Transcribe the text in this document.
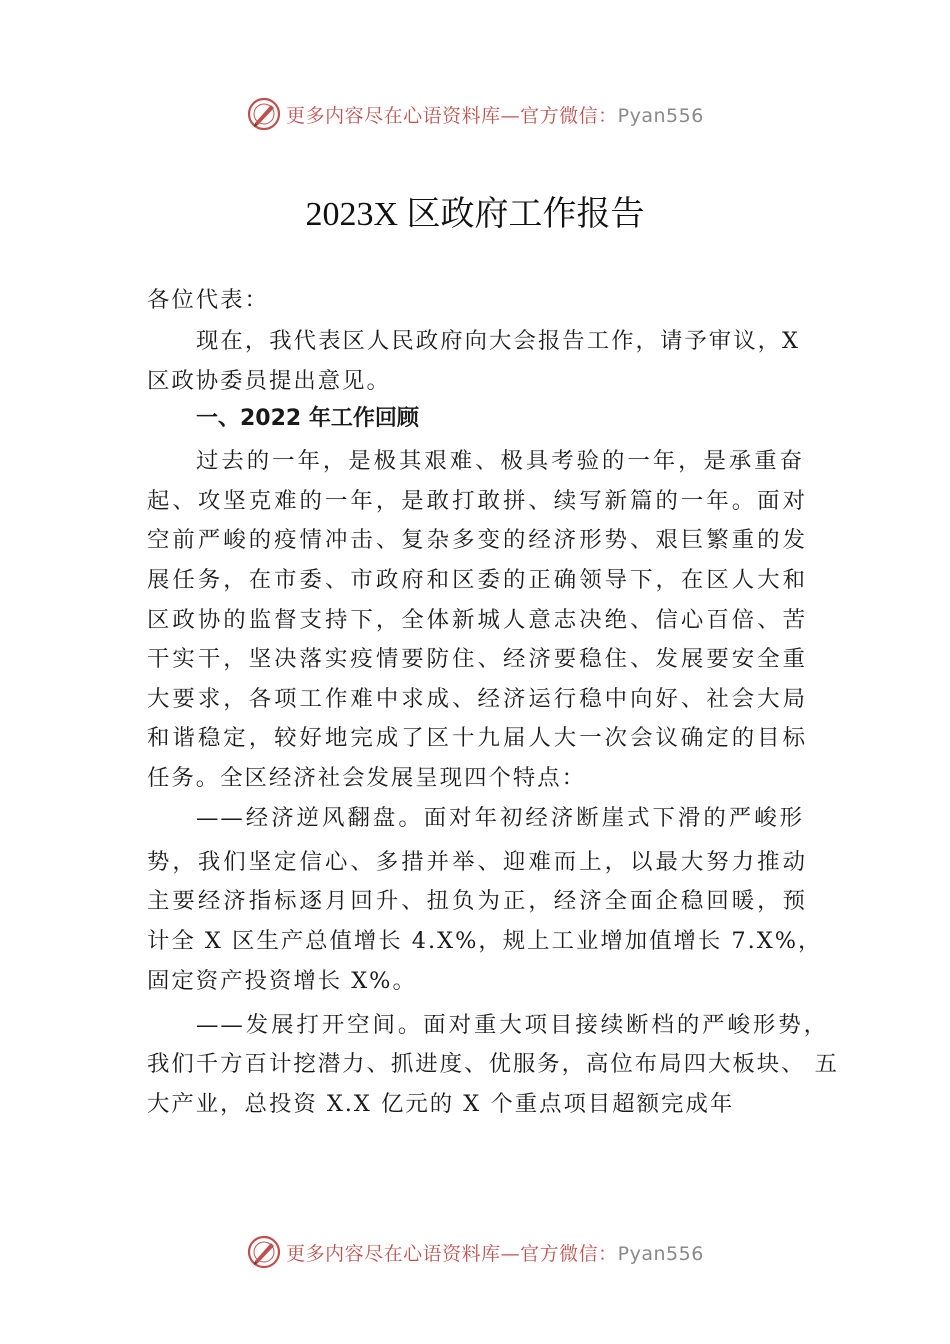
更多内容尽在心语资料库—官方微信：Pyan556
2023X 区政府工作报告
各位代表：
现在，我代表区人民政府向大会报告工作，请予审议，X
区政协委员提出意见。
一、2022 年工作回顾
过去的一年，是极其艰难、极具考验的一年，是承重奋
起、攻坚克难的一年，是敢打敢拼、续写新篇的一年。面对
空前严峻的疫情冲击、复杂多变的经济形势、艰巨繁重的发
展任务，在市委、市政府和区委的正确领导下，在区人大和
区政协的监督支持下，全体新城人意志决绝、信心百倍、苦
干实干，坚决落实疫情要防住、经济要稳住、发展要安全重
大要求，各项工作难中求成、经济运行稳中向好、社会大局
和谐稳定，较好地完成了区十九届人大一次会议确定的目标
任务。全区经济社会发展呈现四个特点：
——经济逆风翻盘。面对年初经济断崖式下滑的严峻形
势，我们坚定信心、多措并举、迎难而上，以最大努力推动
主要经济指标逐月回升、扭负为正，经济全面企稳回暖，预
计全 X 区生产总值增长 4.X%，规上工业增加值增长 7.X%，
固定资产投资增长 X%。
——发展打开空间。面对重大项目接续断档的严峻形势，
我们千方百计挖潜力、抓进度、优服务，高位布局四大板块、 五
大产业，总投资 X.X 亿元的 X 个重点项目超额完成年
更多内容尽在心语资料库—官方微信：Pyan556
